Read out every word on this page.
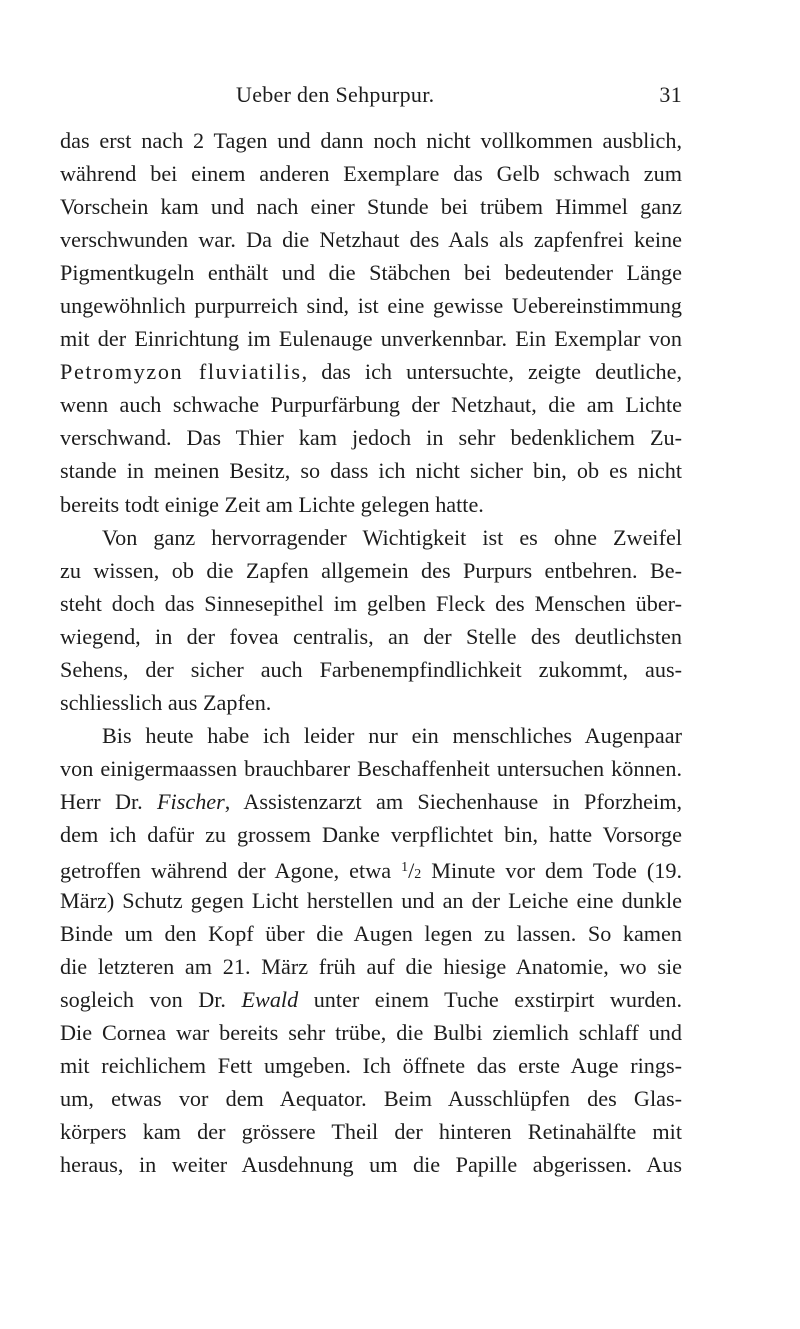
Ueber den Sehpurpur.	31
das erst nach 2 Tagen und dann noch nicht vollkommen ausblich,
während bei einem anderen Exemplare das Gelb schwach zum
Vorschein kam und nach einer Stunde bei trübem Himmel ganz
verschwunden war. Da die Netzhaut des Aals als zapfenfrei keine
Pigmentkugeln enthält und die Stäbchen bei bedeutender Länge
ungewöhnlich purpurreich sind, ist eine gewisse Uebereinstimmung
mit der Einrichtung im Eulenauge unverkennbar. Ein Exemplar von
Petromyzon fluviatilis, das ich untersuchte, zeigte deutliche,
wenn auch schwache Purpurfärbung der Netzhaut, die am Lichte
verschwand. Das Thier kam jedoch in sehr bedenklichem Zu-
stande in meinen Besitz, so dass ich nicht sicher bin, ob es nicht
bereits todt einige Zeit am Lichte gelegen hatte.
Von ganz hervorragender Wichtigkeit ist es ohne Zweifel
zu wissen, ob die Zapfen allgemein des Purpurs entbehren. Be-
steht doch das Sinnesepithel im gelben Fleck des Menschen über-
wiegend, in der fovea centralis, an der Stelle des deutlichsten
Sehens, der sicher auch Farbenempfindlichkeit zukommt, aus-
schliesslich aus Zapfen.
Bis heute habe ich leider nur ein menschliches Augenpaar
von einigermaassen brauchbarer Beschaffenheit untersuchen können.
Herr Dr. Fischer, Assistenzarzt am Siechenhause in Pforzheim,
dem ich dafür zu grossem Danke verpflichtet bin, hatte Vorsorge
getroffen während der Agone, etwa $^1$/2 Minute vor dem Tode (19.
März) Schutz gegen Licht herstellen und an der Leiche eine dunkle
Binde um den Kopf über die Augen legen zu lassen. So kamen
die letzteren am 21. März früh auf die hiesige Anatomie, wo sie
sogleich von Dr. Ewald unter einem Tuche exstirpirt wurden.
Die Cornea war bereits sehr trübe, die Bulbi ziemlich schlaff und
mit reichlichem Fett umgeben. Ich öffnete das erste Auge rings-
um, etwas vor dem Aequator. Beim Ausschlüpfen des Glas-
körpers kam der grössere Theil der hinteren Retinahälfte mit
heraus, in weiter Ausdehnung um die Papille abgerissen. Aus
